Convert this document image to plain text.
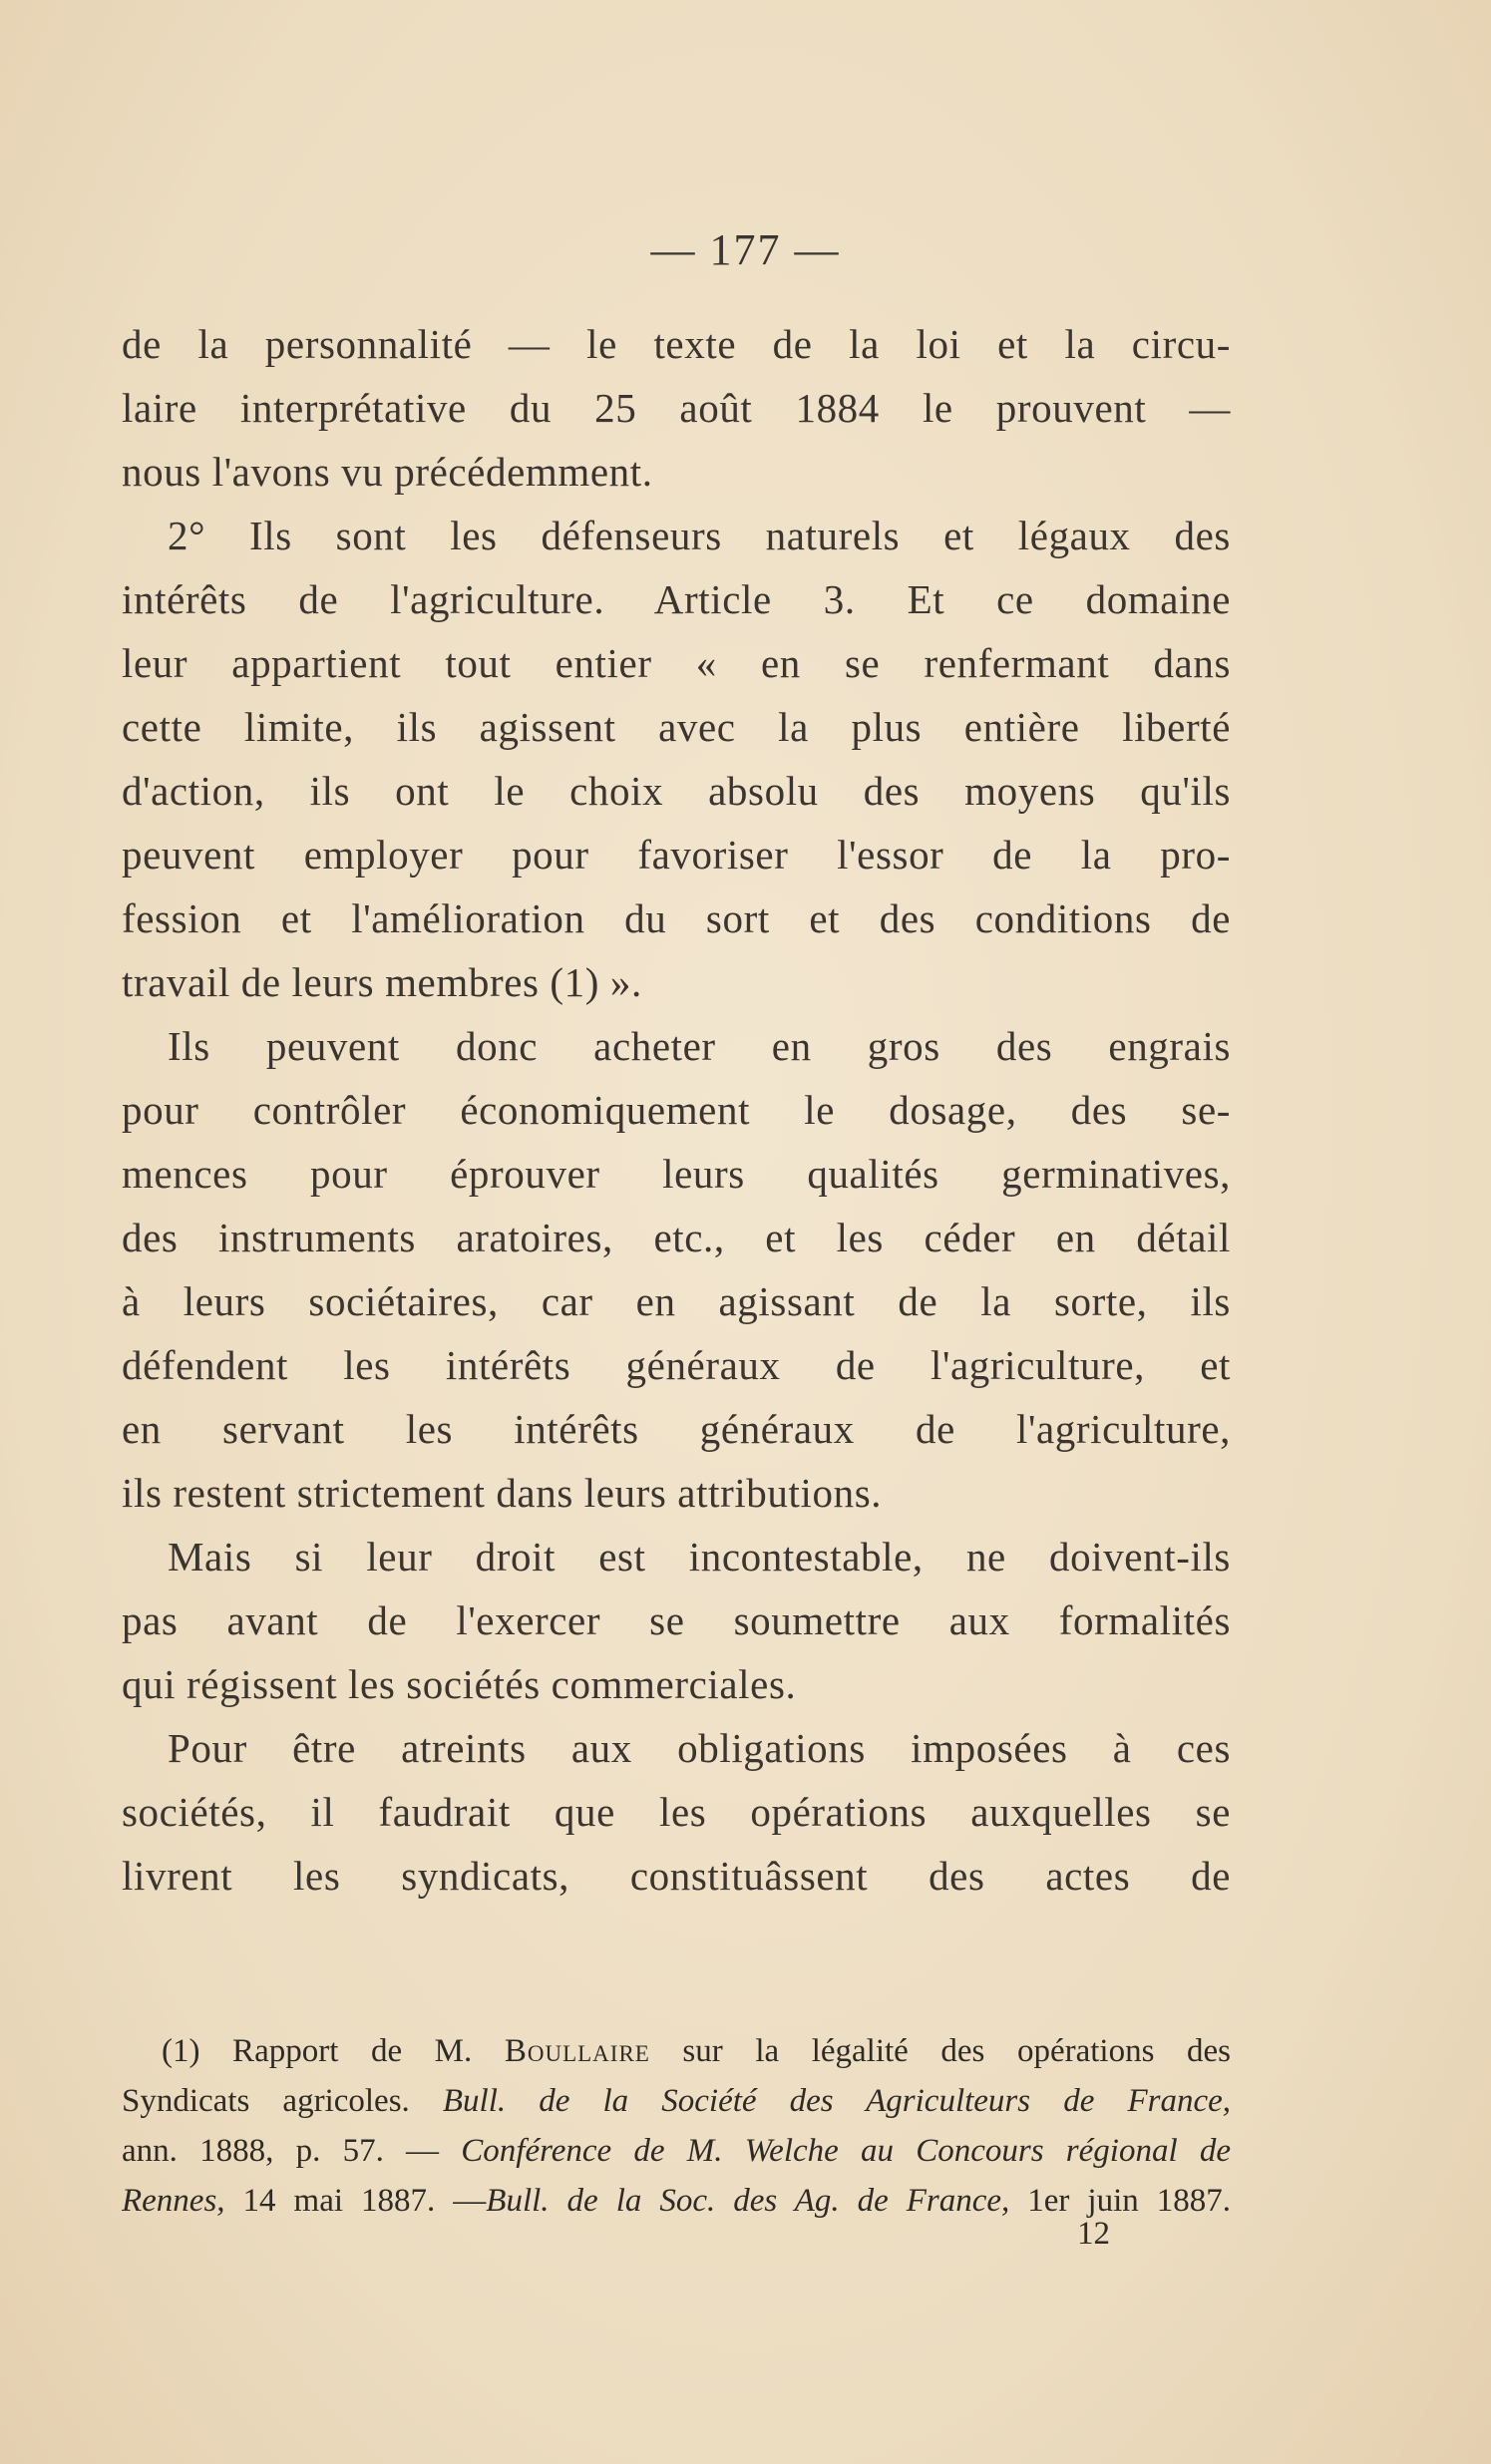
— 177 —

de la personnalité — le texte de la loi et la circu-

laire interprétative du 25 août 1884 le prouvent —

nous l'avons vu précédemment.

2° Ils sont les défenseurs naturels et légaux des

intérêts de l'agriculture. Article 3. Et ce domaine

leur appartient tout entier « en se renfermant dans

cette limite, ils agissent avec la plus entière liberté

d'action, ils ont le choix absolu des moyens qu'ils

peuvent employer pour favoriser l'essor de la pro-

fession et l'amélioration du sort et des conditions de

travail de leurs membres (1) ».

Ils peuvent donc acheter en gros des engrais

pour contrôler économiquement le dosage, des se-

mences pour éprouver leurs qualités germinatives,

des instruments aratoires, etc., et les céder en détail

à leurs sociétaires, car en agissant de la sorte, ils

défendent les intérêts généraux de l'agriculture, et

en servant les intérêts généraux de l'agriculture,

ils restent strictement dans leurs attributions.

Mais si leur droit est incontestable, ne doivent-ils

pas avant de l'exercer se soumettre aux formalités

qui régissent les sociétés commerciales.

Pour être atreints aux obligations imposées à ces

sociétés, il faudrait que les opérations auxquelles se

livrent les syndicats, constituâssent des actes de

(1) Rapport de M. Boullaire sur la légalité des opérations des

Syndicats agricoles. Bull. de la Société des Agriculteurs de France,

ann. 1888, p. 57. — Conférence de M. Welche au Concours régional de

Rennes, 14 mai 1887. —Bull. de la Soc. des Ag. de France, 1er juin 1887.

12
